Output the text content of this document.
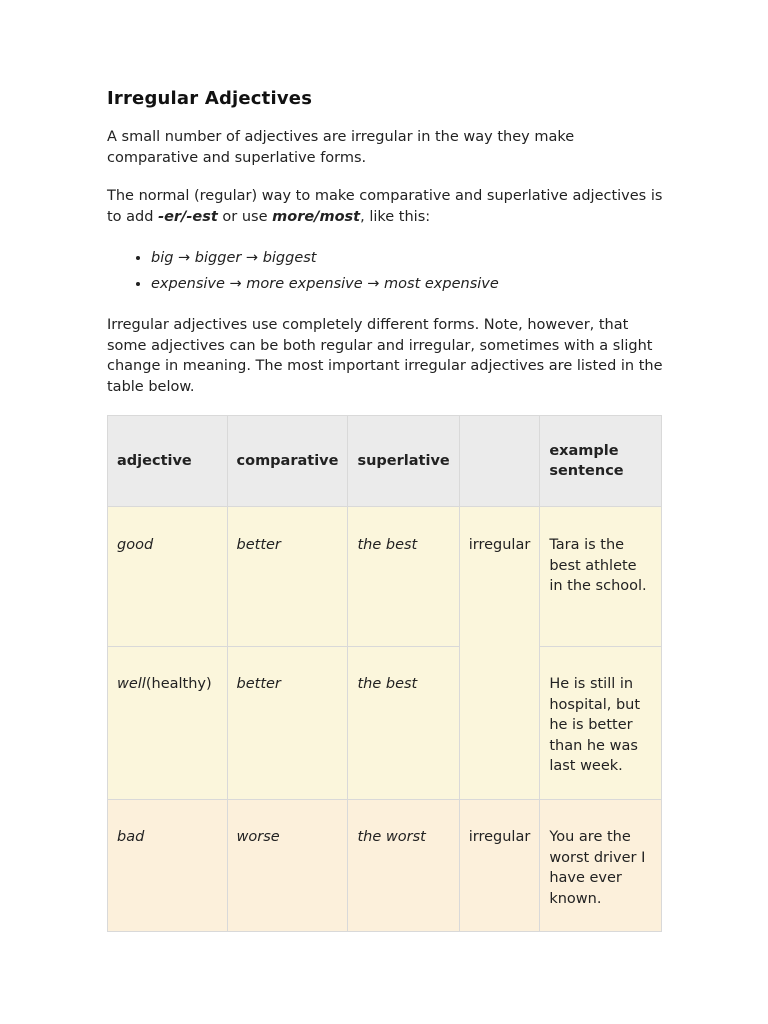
Irregular Adjectives

A small number of adjectives are irregular in the way they make comparative and superlative forms.

The normal (regular) way to make comparative and superlative adjectives is to add -er/-est or use more/most, like this:

• big → bigger → biggest
• expensive → more expensive → most expensive

Irregular adjectives use completely different forms. Note, however, that some adjectives can be both regular and irregular, sometimes with a slight change in meaning. The most important irregular adjectives are listed in the table below.

adjective	comparative	superlative		example sentence
good	better	the best	irregular	Tara is the best athlete in the school.
well(healthy)	better	the best		He is still in hospital, but he is better than he was last week.
bad	worse	the worst	irregular	You are the worst driver I have ever known.
